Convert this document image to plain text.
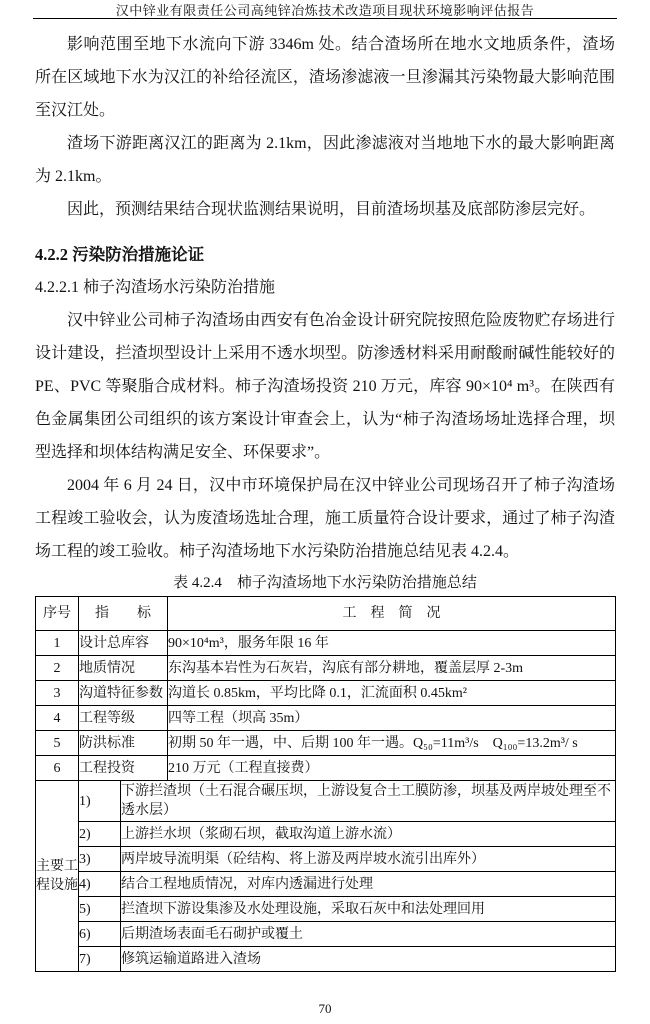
汉中锌业有限责任公司高纯锌冶炼技术改造项目现状环境影响评估报告

影响范围至地下水流向下游 3346m 处。结合渣场所在地水文地质条件，渣场所在区域地下水为汉江的补给径流区，渣场渗滤液一旦渗漏其污染物最大影响范围至汉江处。

渣场下游距离汉江的距离为 2.1km，因此渗滤液对当地地下水的最大影响距离为 2.1km。

因此，预测结果结合现状监测结果说明，目前渣场坝基及底部防渗层完好。

4.2.2 污染防治措施论证
4.2.2.1 柿子沟渣场水污染防治措施

汉中锌业公司柿子沟渣场由西安有色冶金设计研究院按照危险废物贮存场进行设计建设，拦渣坝型设计上采用不透水坝型。防渗透材料采用耐酸耐碱性能较好的 PE、PVC 等聚脂合成材料。柿子沟渣场投资 210 万元，库容 90×10⁴ m³。在陕西有色金属集团公司组织的该方案设计审查会上，认为“柿子沟渣场场址选择合理，坝型选择和坝体结构满足安全、环保要求”。

2004 年 6 月 24 日，汉中市环境保护局在汉中锌业公司现场召开了柿子沟渣场工程竣工验收会，认为废渣场选址合理，施工质量符合设计要求，通过了柿子沟渣场工程的竣工验收。柿子沟渣场地下水污染防治措施总结见表 4.2.4。

表 4.2.4　柿子沟渣场地下水污染防治措施总结
序号	指　　标		工　程　简　况
1	设计总库容		90×10⁴m³，服务年限 16 年
2	地质情况		东沟基本岩性为石灰岩，沟底有部分耕地，覆盖层厚 2-3m
3	沟道特征参数		沟道长 0.85km，平均比降 0.1，汇流面积 0.45km²
4	工程等级		四等工程（坝高 35m）
5	防洪标准		初期 50 年一遇，中、后期 100 年一遇。Q₅₀=11m³/s　Q₁₀₀=13.2m³/ s
6	工程投资		210 万元（工程直接费）
主要工程设施	1)	下游拦渣坝（土石混合碾压坝，上游设复合土工膜防渗，坝基及两岸坡处理至不透水层）	
	2)	上游拦水坝（浆砌石坝，截取沟道上游水流）	
	3)	两岸坡导流明渠（砼结构、将上游及两岸坡水流引出库外）	
	4)	结合工程地质情况，对库内透漏进行处理	
	5)	拦渣坝下游设集渗及水处理设施，采取石灰中和法处理回用	
	6)	后期渣场表面毛石砌护或覆土	
	7)	修筑运输道路进入渣场	
70
